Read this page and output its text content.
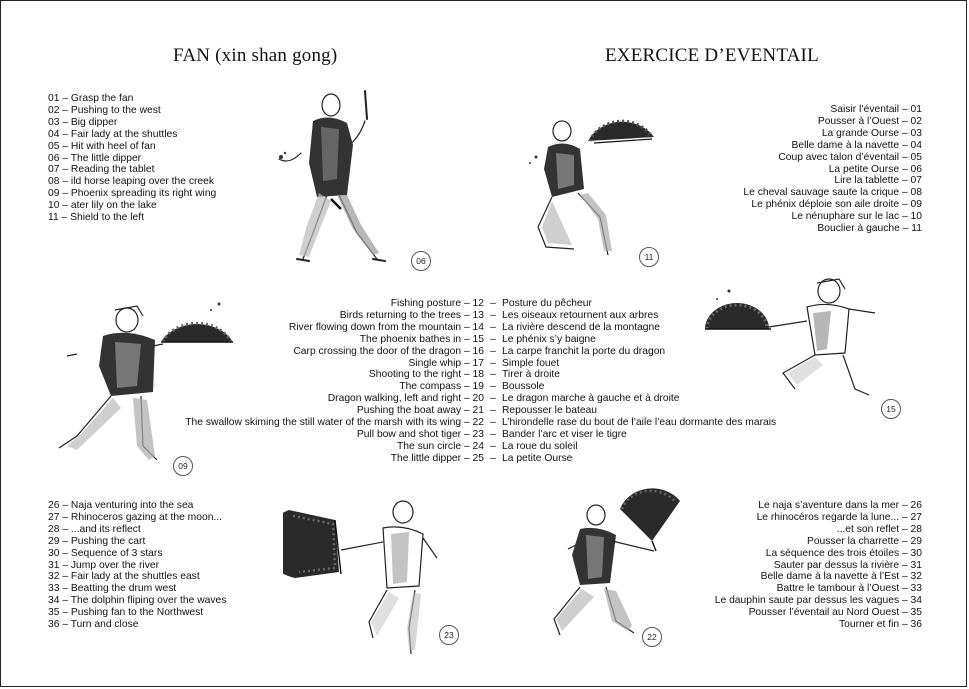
FAN (xin shan gong)	EXERCICE D’EVENTAIL
01 – Grasp the fan
02 – Pushing to the west
03 – Big dipper
04 – Fair lady at the shuttles
05 – Hit with heel of fan
06 – The little dipper
07 – Reading the tablet
08 – ild horse leaping over the creek
09 – Phoenix spreading its right wing
10 – ater lily on the lake
11 – Shield to the left
Saisir l’éventail – 01
Pousser à l’Ouest – 02
La grande Ourse – 03
Belle dame à la navette – 04
Coup avec talon d’éventail – 05
La petite Ourse – 06
Lire la tablette – 07
Le cheval sauvage saute la crique – 08
Le phénix déploie son aile droite – 09
Le nénuphare sur le lac – 10
Bouclier à gauche – 11
Fishing posture – 12 – Posture du pêcheur
Birds returning to the trees – 13 – Les oiseaux retournent aux arbres
River flowing down from the mountain – 14 – La rivière descend de la montagne
The phoenix bathes in – 15 – Le phénix s’y baigne
Carp crossing the door of the dragon – 16 – La carpe franchit la porte du dragon
Single whip – 17 – Simple fouet
Shooting to the right – 18 – Tirer à droite
The compass – 19 – Boussole
Dragon walking, left and right – 20 – Le dragon marche à gauche et à droite
Pushing the boat away – 21 – Repousser le bateau
The swallow skiming the still water of the marsh with its wing – 22 – L’hirondelle rase du bout de l’aile l’eau dormante des marais
Pull bow and shot tiger – 23 – Bander l’arc et viser le tigre
The sun circle – 24 – La roue du soleil
The little dipper – 25 – La petite Ourse
26 – Naja venturing into the sea
27 – Rhinoceros gazing at the moon...
28 – ...and its reflect
29 – Pushing the cart
30 – Sequence of 3 stars
31 – Jump over the river
32 – Fair lady at the shuttles east
33 – Beatting the drum west
34 – The dolphin fliping over the waves
35 – Pushing fan to the Northwest
36 – Turn and close
Le naja s’aventure dans la mer – 26
Le rhinocéros regarde la lune... – 27
...et son reflet – 28
Pousser la charrette – 29
La séquence des trois étoiles – 30
Sauter par dessus la rivière – 31
Belle dame à la navette à l’Est – 32
Battre le tambour à l’Ouest – 33
Le dauphin saute par dessus les vagues – 34
Pousser l’éventail au Nord Ouest – 35
Tourner et fin – 36
06	11
15
09
23	22
